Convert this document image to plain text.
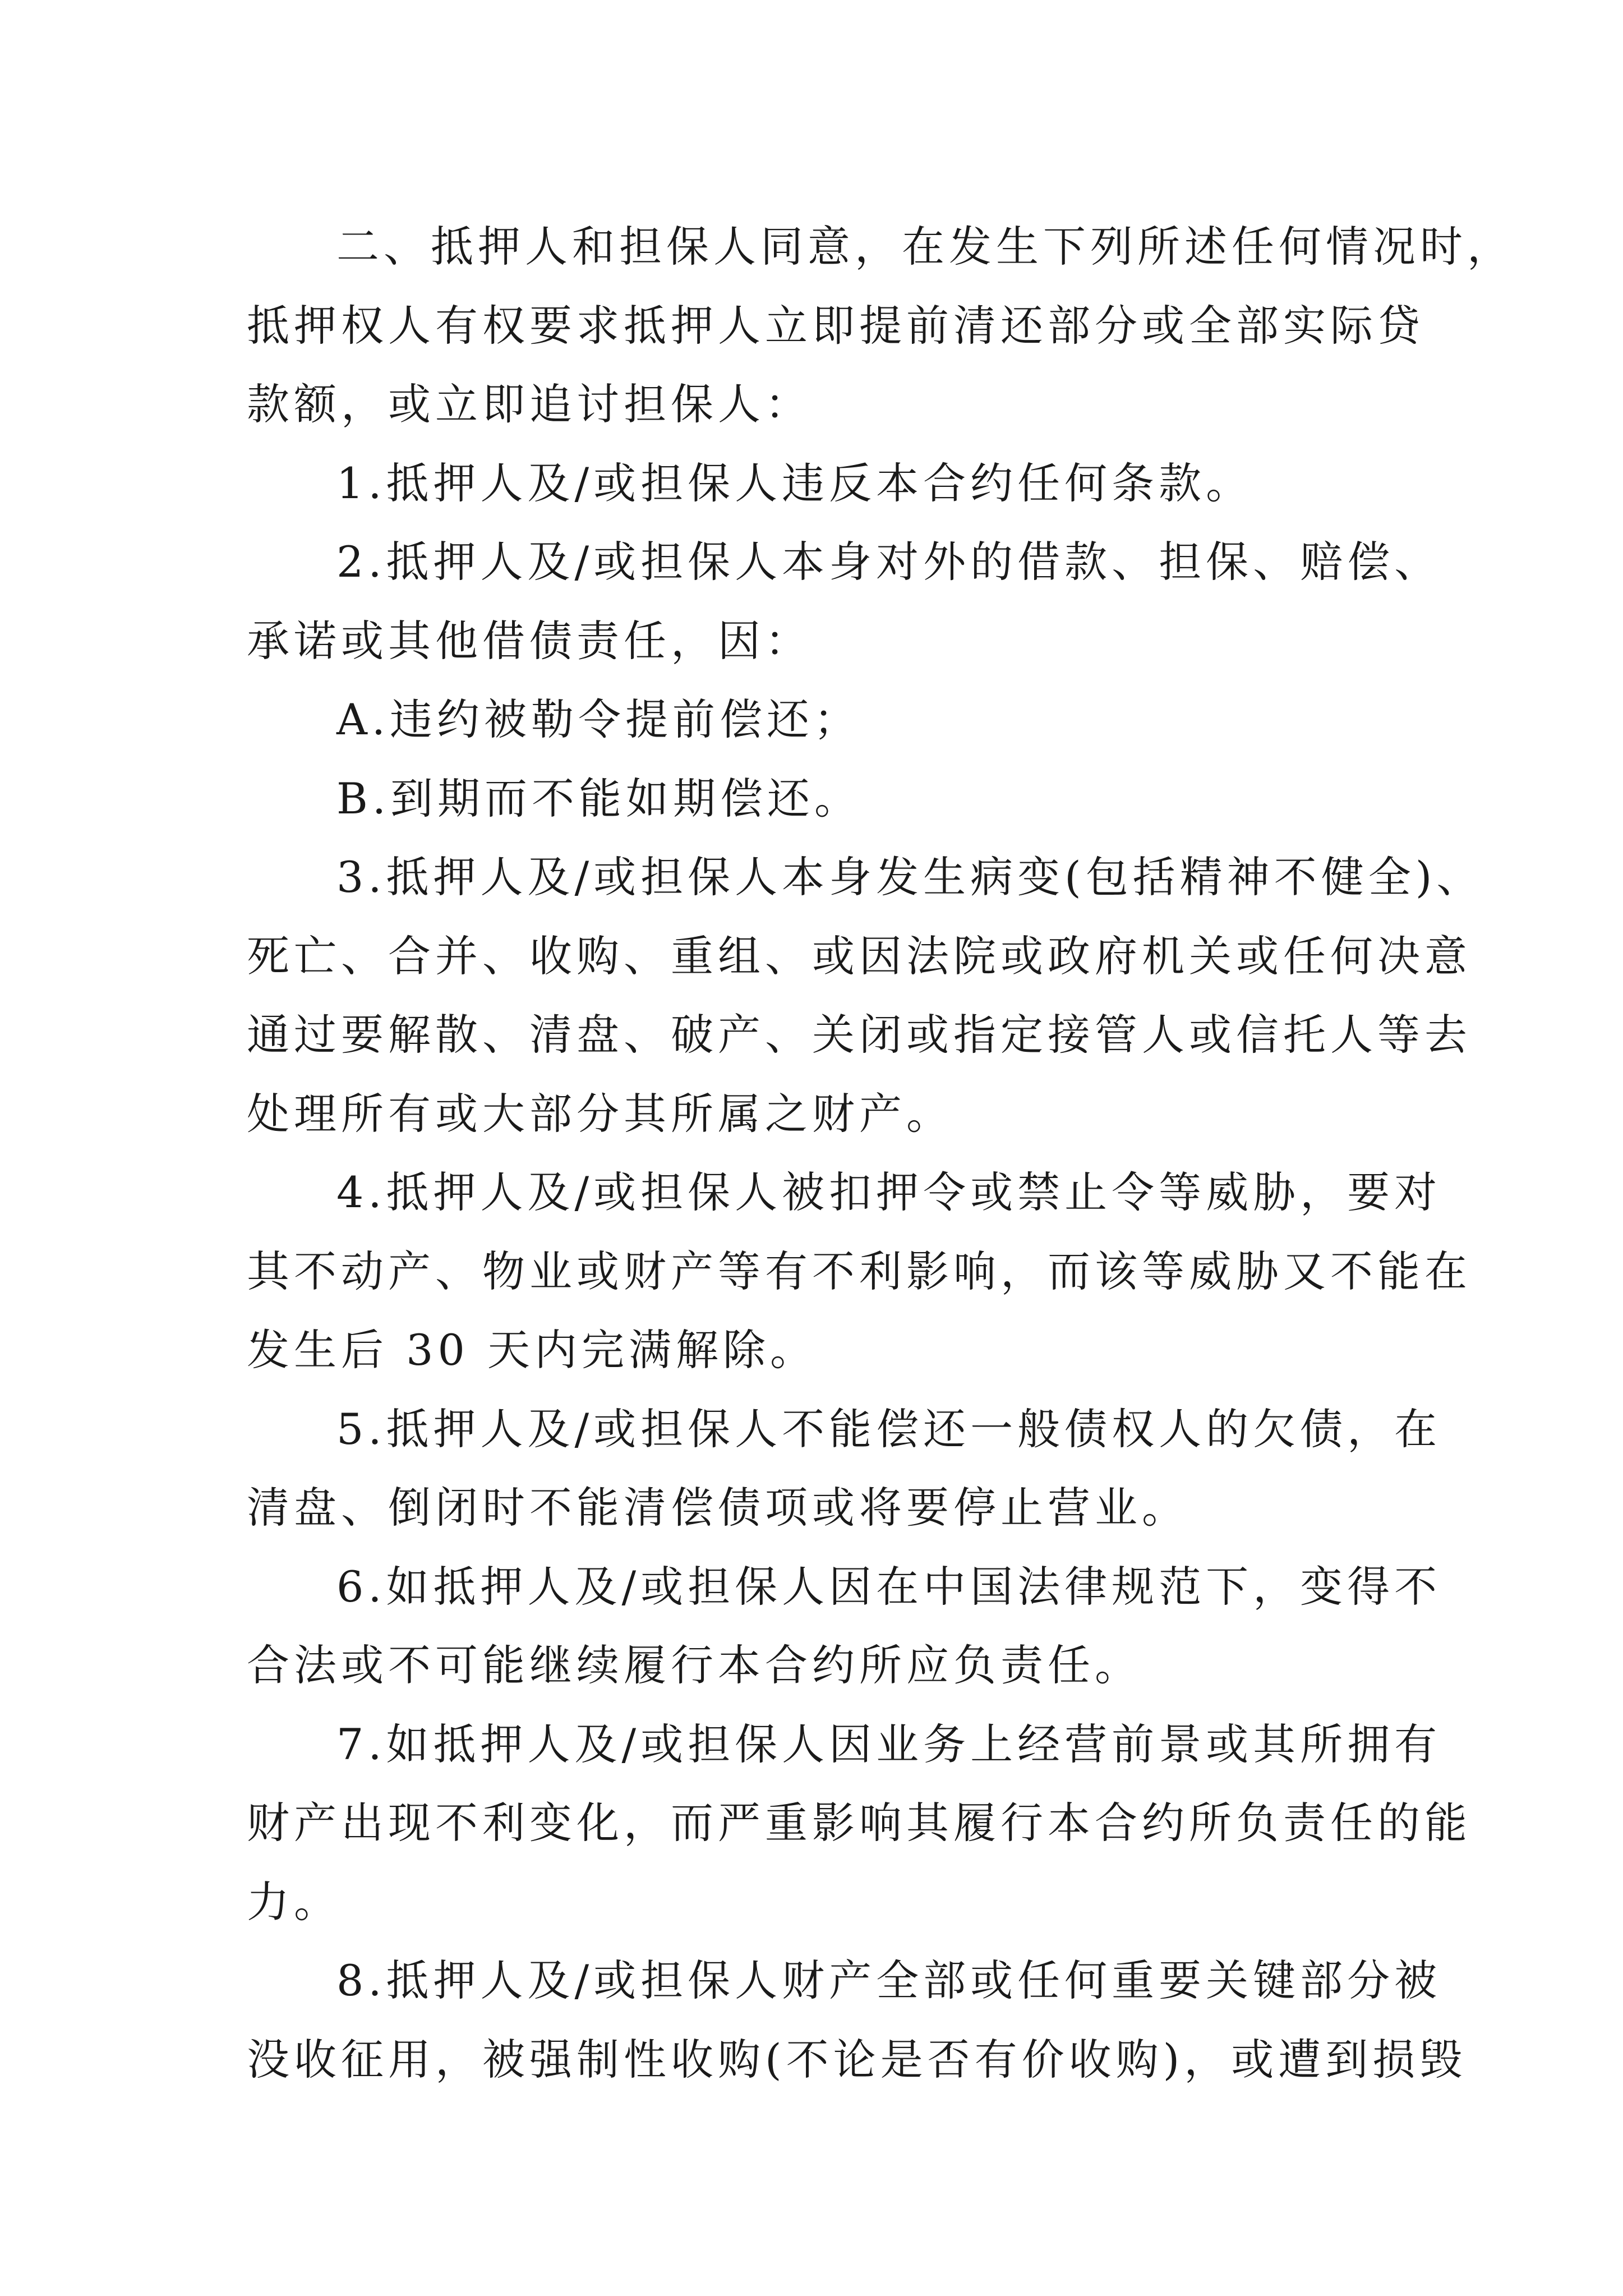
二、抵押人和担保人同意，在发生下列所述任何情况时，
抵押权人有权要求抵押人立即提前清还部分或全部实际贷
款额，或立即追讨担保人：
1.抵押人及/或担保人违反本合约任何条款。
2.抵押人及/或担保人本身对外的借款、担保、赔偿、
承诺或其他借债责任，因：
A.违约被勒令提前偿还；
B.到期而不能如期偿还。
3.抵押人及/或担保人本身发生病变(包括精神不健全)、
死亡、合并、收购、重组、或因法院或政府机关或任何决意
通过要解散、清盘、破产、关闭或指定接管人或信托人等去
处理所有或大部分其所属之财产。
4.抵押人及/或担保人被扣押令或禁止令等威胁，要对
其不动产、物业或财产等有不利影响，而该等威胁又不能在
发生后 30 天内完满解除。
5.抵押人及/或担保人不能偿还一般债权人的欠债，在
清盘、倒闭时不能清偿债项或将要停止营业。
6.如抵押人及/或担保人因在中国法律规范下，变得不
合法或不可能继续履行本合约所应负责任。
7.如抵押人及/或担保人因业务上经营前景或其所拥有
财产出现不利变化，而严重影响其履行本合约所负责任的能
力。
8.抵押人及/或担保人财产全部或任何重要关键部分被
没收征用，被强制性收购(不论是否有价收购)，或遭到损毁
